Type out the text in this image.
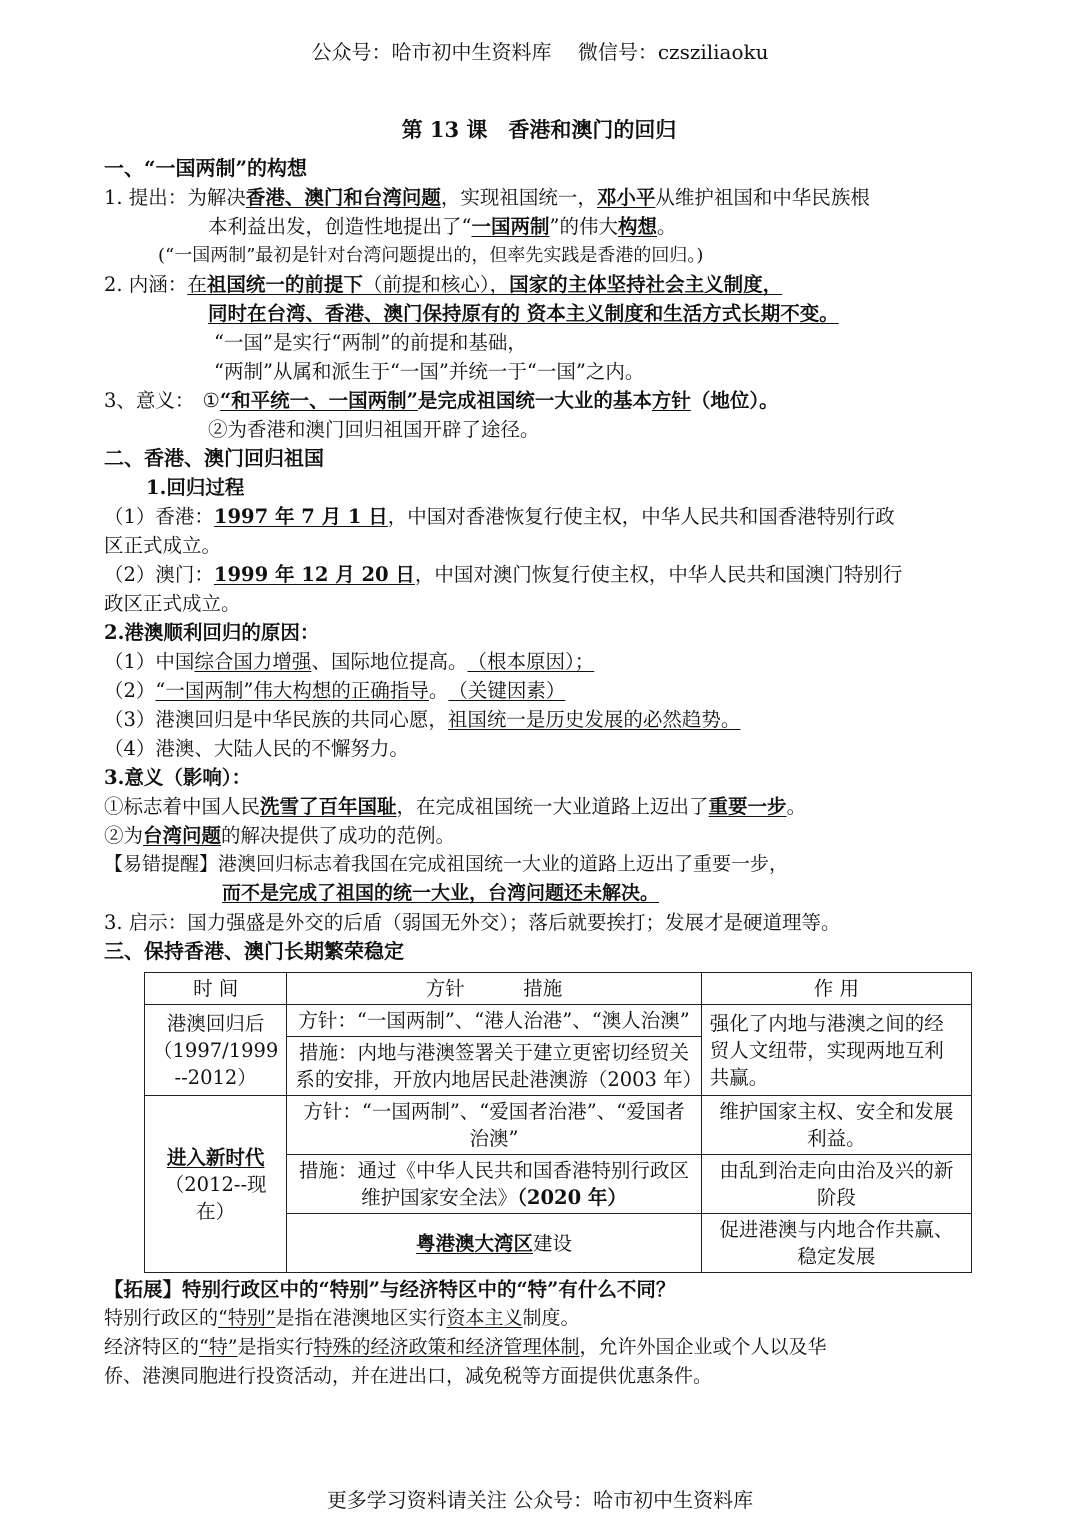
公众号：哈市初中生资料库　 微信号：czsziliaoku
第 13 课　香港和澳门的回归
一、“一国两制”的构想
1. 提出： 为解决 香港、澳门和台湾问题 ，实现祖国统一， 邓小平 从维护祖国和中华民族根
本利益出发，创造性地提出了“ 一国两制 ”的伟大 构想 。
(“一国两制”最初是针对台湾问题提出的，但率先实践是香港的回归。)
2. 内涵： 在 祖国统一的前提下 （前提和核心）， 国家的主体坚持社会主义制度，
同时在台湾、香港、澳门保持原有的 资本主义制度和生活方式长期不变。
“一国”是实行“两制”的前提和基础，
“两制”从属和派生于“一国”并统一于“一国”之内。
3、意义： ① “和平统一、一国两制” 是完成祖国统一大业的基本 方针 （地位）。
②为香港和澳门回归祖国开辟了途径。
二、香港、澳门回归祖国
1.回归过程
（1）香港： 1997 年 7 月 1 日 ，中国对香港恢复行使主权，中华人民共和国香港特别行政
区正式成立。
（2）澳门： 1999 年 12 月 20 日 ，中国对澳门恢复行使主权，中华人民共和国澳门特别行
政区正式成立。
2.港澳顺利回归的原因：
（1）中国 综合国力增强 、国际地位提高。 （根本原因）；
（2） “一国两制”伟大构想的正确指导 。 （关键因素）
（3）港澳回归是中华民族的共同心愿， 祖国统一是历史发展的必然趋势。
（4）港澳、大陆人民的不懈努力。
3.意义（影响）：
①标志着中国人民 洗雪了百年国耻 ，在完成祖国统一大业道路上迈出了 重要一步 。
②为 台湾问题 的解决提供了成功的范例。
【易错提醒】港澳回归标志着我国在完成祖国统一大业的道路上迈出了重要一步，
而不是完成了祖国的统一大业，台湾问题还未解决。
3. 启示：国力强盛是外交的后盾（弱国无外交）；落后就要挨打；发展才是硬道理等。
三、保持香港、澳门长期繁荣稳定
时 间	方针　　　措施	作 用

港澳回归后
（1997/1999
--2012）	方针：“一国两制”、“港人治港”、“澳人治澳”	强化了内地与港澳之间的经贸人文纽带，实现两地互利共赢。
	措施：内地与港澳签署关于建立更密切经贸关系的安排，开放内地居民赴港澳游（2003 年）	

进入新时代
（2012--现在）	方针：“一国两制”、“爱国者治港”、“爱国者治澳”	维护国家主权、安全和发展利益。
	措施：通过《中华人民共和国香港特别行政区维护国家安全法》（2020 年）	由乱到治走向由治及兴的新阶段
	粤港澳大湾区建设	促进港澳与内地合作共赢、稳定发展
【拓展】 特别行政区中的“特别”与经济特区中的“特”有什么不同？
特别行政区的 “特别” 是指在港澳地区实行 资本主义 制度。
经济特区的 “特” 是指实行 特殊的经济政策和经济管理体制 ，允许外国企业或个人以及华
侨、港澳同胞进行投资活动，并在进出口，减免税等方面提供优惠条件。
更多学习资料请关注 公众号：哈市初中生资料库
